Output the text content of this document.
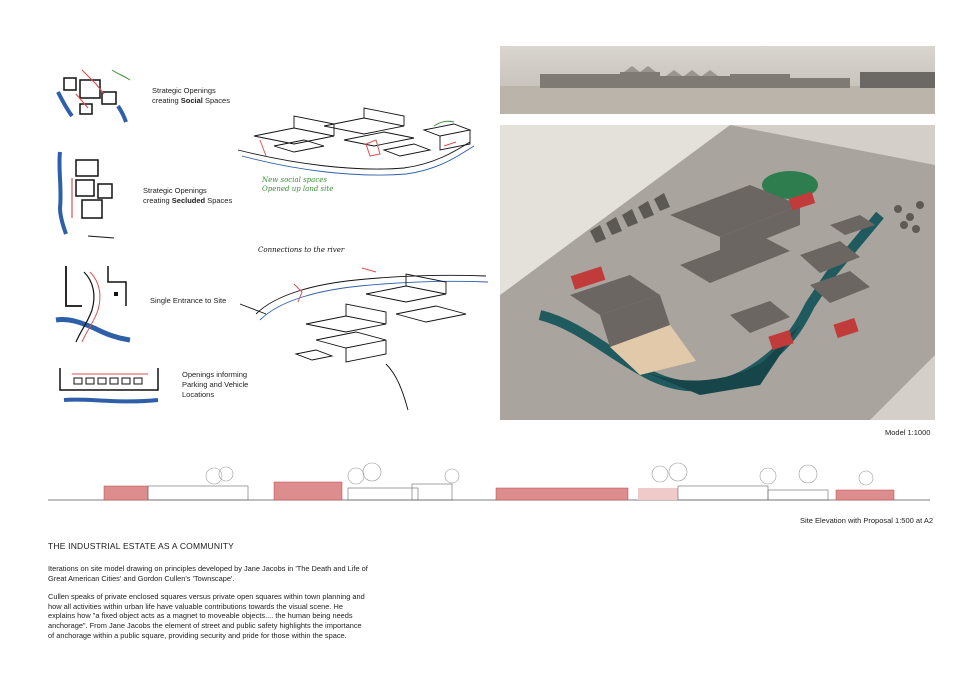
Strategic Openings
creating Social Spaces
Strategic Openings
creating Secluded Spaces
Single Entrance to Site
Openings informing
Parking and Vehicle
Locations
New social spaces
Opened up land site
Connections to the river
Model 1:1000
Site Elevation with Proposal 1:500 at A2
THE INDUSTRIAL ESTATE AS A COMMUNITY

Iterations on site model drawing on principles developed by Jane Jacobs in 'The Death and Life of Great American Cities' and Gordon Cullen's 'Townscape'.

Cullen speaks of private enclosed squares versus private open squares within town planning and how all activities within urban life have valuable contributions towards the visual scene. He explains how "a fixed object acts as a magnet to moveable objects.... the human being needs anchorage". From Jane Jacobs the element of street and public safety highlights the importance of anchorage within a public square, providing security and pride for those within the space.
